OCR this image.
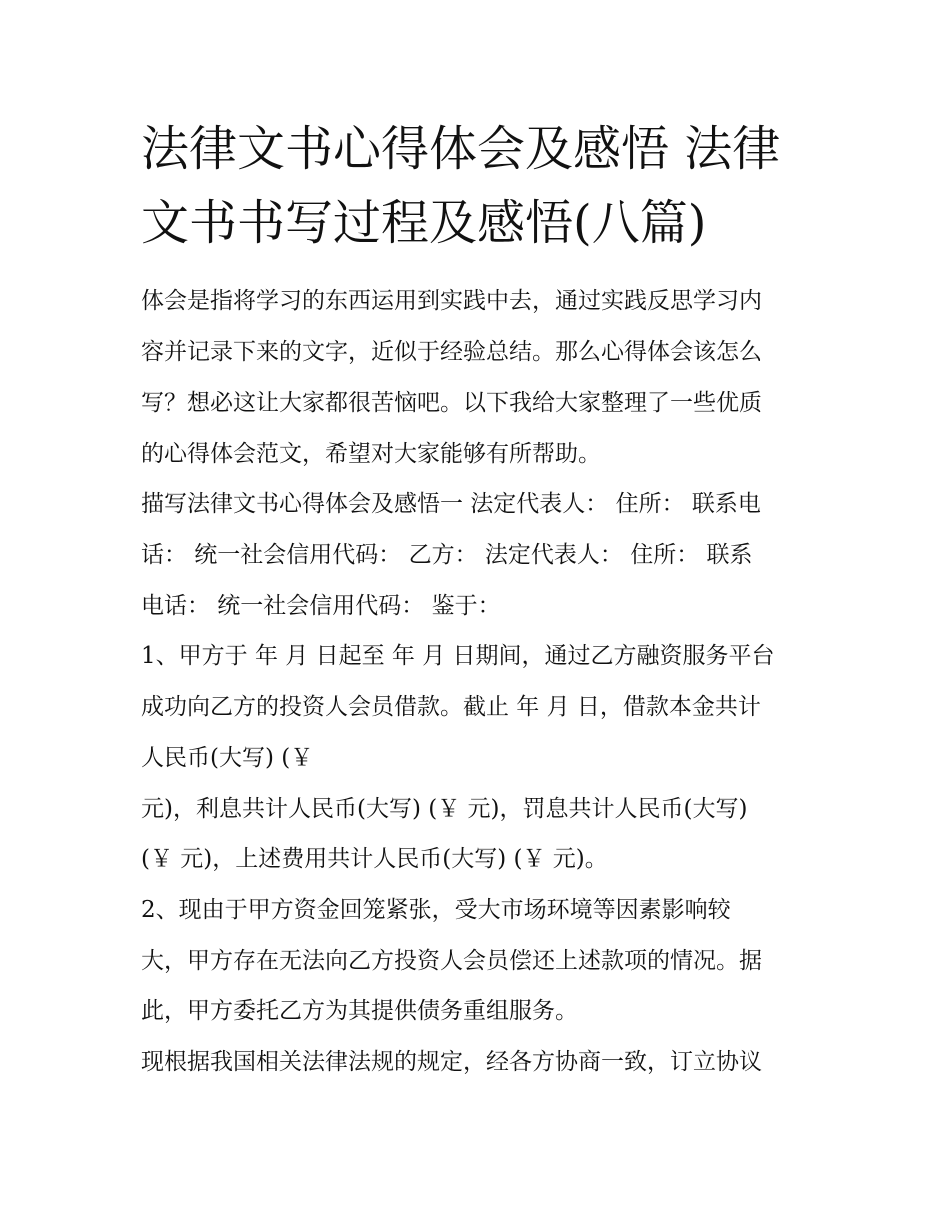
法律文书心得体会及感悟 法律
文书书写过程及感悟(八篇)

体会是指将学习的东西运用到实践中去，通过实践反思学习内

容并记录下来的文字，近似于经验总结。那么心得体会该怎么

写？想必这让大家都很苦恼吧。以下我给大家整理了一些优质

的心得体会范文，希望对大家能够有所帮助。

描写法律文书心得体会及感悟一 法定代表人： 住所： 联系电

话： 统一社会信用代码： 乙方： 法定代表人： 住所： 联系

电话： 统一社会信用代码： 鉴于：

1、甲方于 年 月 日起至 年 月 日期间，通过乙方融资服务平台

成功向乙方的投资人会员借款。截止 年 月 日，借款本金共计

人民币(大写) (￥

元)，利息共计人民币(大写) (￥ 元)，罚息共计人民币(大写)

(￥ 元)，上述费用共计人民币(大写) (￥ 元)。

2、现由于甲方资金回笼紧张，受大市场环境等因素影响较

大，甲方存在无法向乙方投资人会员偿还上述款项的情况。据

此，甲方委托乙方为其提供债务重组服务。

现根据我国相关法律法规的规定，经各方协商一致，订立协议
